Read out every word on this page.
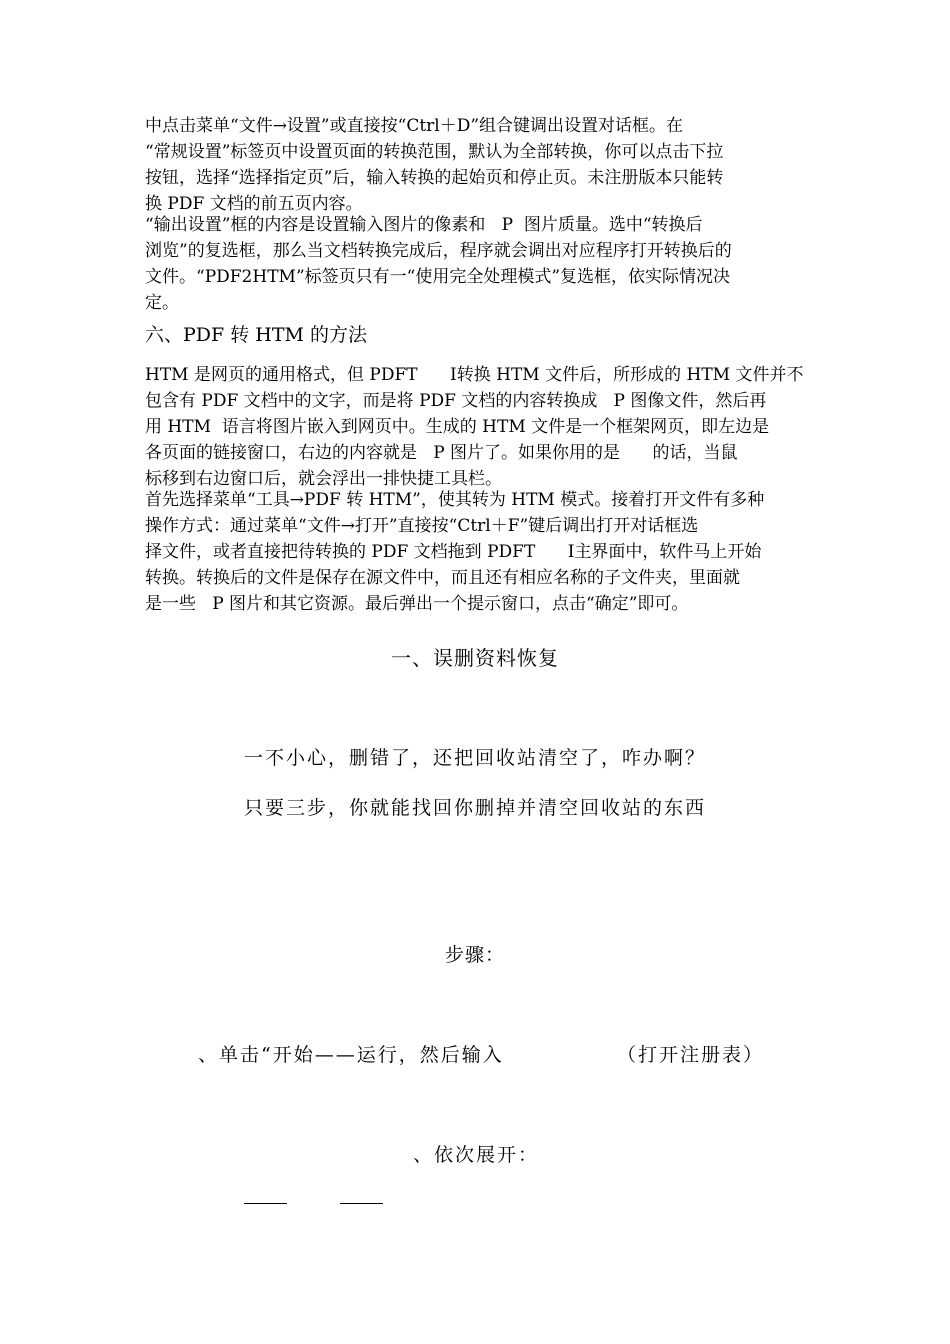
中点击菜单“文件→设置”或直接按“Ctrl＋D”组合键调出设置对话框。在
“常规设置”标签页中设置页面的转换范围，默认为全部转换，你可以点击下拉
按钮，选择“选择指定页”后，输入转换的起始页和停止页。未注册版本只能转
换 PDF 文档的前五页内容。
“输出设置”框的内容是设置输入图片的像素和   P  图片质量。选中“转换后
浏览”的复选框，那么当文档转换完成后，程序就会调出对应程序打开转换后的
文件。“PDF2HTM”标签页只有一“使用完全处理模式”复选框，依实际情况决
定。
六、PDF 转 HTM 的方法
HTM 是网页的通用格式，但 PDFT      I转换 HTM 文件后，所形成的 HTM 文件并不
包含有 PDF 文档中的文字，而是将 PDF 文档的内容转换成   P 图像文件，然后再
用 HTM  语言将图片嵌入到网页中。生成的 HTM 文件是一个框架网页，即左边是
各页面的链接窗口，右边的内容就是   P 图片了。如果你用的是      的话，当鼠
标移到右边窗口后，就会浮出一排快捷工具栏。
首先选择菜单“工具→PDF 转 HTM”，使其转为 HTM 模式。接着打开文件有多种
操作方式：通过菜单“文件→打开”直接按“Ctrl＋F”键后调出打开对话框选
择文件，或者直接把待转换的 PDF 文档拖到 PDFT      I主界面中，软件马上开始
转换。转换后的文件是保存在源文件中，而且还有相应名称的子文件夹，里面就
是一些   P 图片和其它资源。最后弹出一个提示窗口，点击“确定”即可。
一、误删资料恢复
一不小心，删错了，还把回收站清空了，咋办啊？
只要三步，你就能找回你删掉并清空回收站的东西
步骤：
、单击“开始——运行，然后输入	（打开注册表）
、依次展开：
